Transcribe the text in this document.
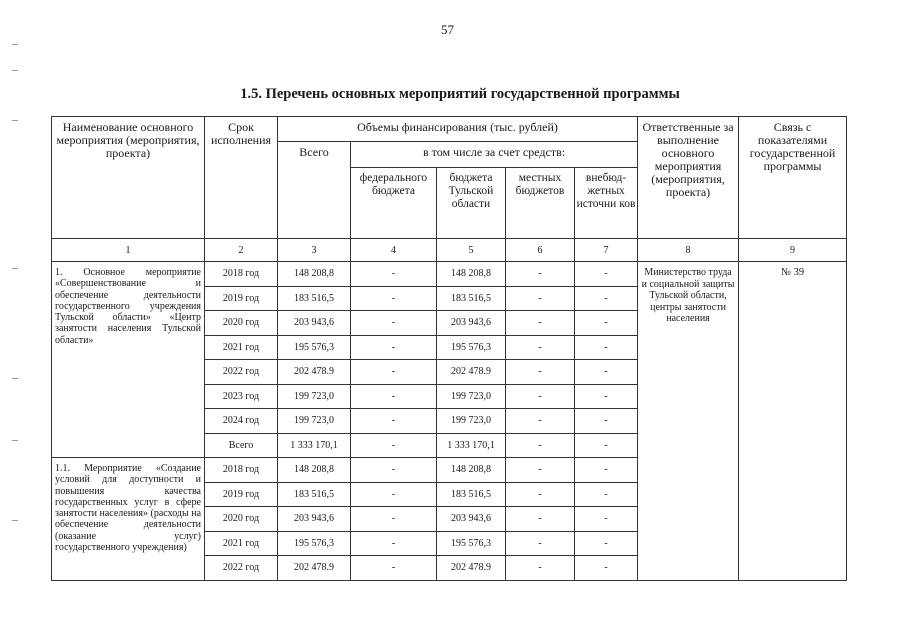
57
1.5. Перечень основных мероприятий государственной программы
Наименование основного мероприятия (мероприятия, проекта)	Срок исполнения	Объемы финансирования (тыс. рублей)					Ответственные за выполнение основного мероприятия (мероприятия, проекта)	Связь с показателями государственной программы
		Всего	в том числе за счет средств:					
			федерального бюджета	бюджета Тульской области	местных бюджетов	внебюд-жетных источни ков		
1	2	3	4	5	6	7	8	9
1. Основное мероприятие «Совершенствование и обеспечение деятельности государственного учреждения Тульской области» «Центр занятости населения Тульской области»	2018 год	148 208,8	-	148 208,8	-	-	Министерство труда и социальной защиты Тульской области, центры занятости населения	№ 39
	2019 год	183 516,5	-	183 516,5	-	-		
	2020 год	203 943,6	-	203 943,6	-	-		
	2021 год	195 576,3	-	195 576,3	-	-		
	2022 год	202 478.9	-	202 478.9	-	-		
	2023 год	199 723,0	-	199 723,0	-	-		
	2024 год	199 723,0	-	199 723,0	-	-		
	Всего	1 333 170,1	-	1 333 170,1	-	-		
1.1. Мероприятие «Создание условий для доступности и повышения качества государственных услуг в сфере занятости населения» (расходы на обеспечение деятельности (оказание услуг) государственного учреждения)	2018 год	148 208,8	-	148 208,8	-	-		
	2019 год	183 516,5	-	183 516,5	-	-		
	2020 год	203 943,6	-	203 943,6	-	-		
	2021 год	195 576,3	-	195 576,3	-	-		
	2022 год	202 478.9	-	202 478.9	-	-		
